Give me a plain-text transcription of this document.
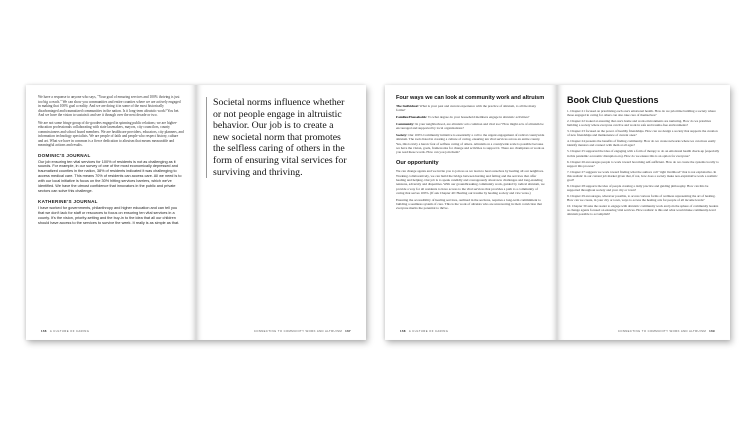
We have a response to anyone who says, "Your goal of ensuring services and 100% thriving is just too big a reach." We can show you communities and entire counties where we are actively engaged in making that 100% goal a reality. And we are doing it in some of the most historically disadvantaged and traumatized communities in the nation. Is it long-term altruistic work? You bet. And we have the vision to sustain it and see it through over the next decade or two.

We are not some fringe group of do-gooders engaged in spinning public relations; we are higher-education professionals collaborating with state lawmakers, mayors, city councilors, county commissioners and school board members. We are healthcare providers, educators, city planners, and information technology specialists. We are people of faith and people who respect history, culture and art. What we have in common is a fierce dedication to altruism that means measurable and meaningful actions and results.

DOMINIC'S JOURNAL

Our job ensuring ten vital services for 100% of residents is not as challenging as it sounds. For example, in our survey of one of the most economically depressed and traumatized counties in the nation, 38% of residents indicated it was challenging to access medical care. This means 70% of residents can access care. All we need is to with our local initiative is focus on the 30% hitting services barriers, which we've identified. We have the utmost confidence that innovators in the public and private sectors can solve this challenge.

KATHERINE'S JOURNAL

I have worked for governments, philanthropy and higher education and can tell you that we don't lack for staff or resources to focus on ensuring ten vital services in a county. It's the vision, priority-setting and the buy-in to the idea that all our children should have access to the services to survive the week. It really is as simple as that.

166 A CULTURE OF CARING
Societal norms influence whether or not people engage in altruistic behavior. Our job is to create a new societal norm that promotes the selfless caring of others in the form of ensuring vital services for surviving and thriving.
CONNECTING TO COMMUNITY WORK AND ALTRUISM 167
Four ways we can look at community work and altruism

The Individual: What is your past and current experience with the practice of altruism, to all the many forms?

Families/Households: To what degree do your household members engage in altruistic activities?

Community: In your neighborhood, are altruistic acts common and vital too? How might acts of altruism be encouraged and supported by local organizations?

Society: Our 100% Community initiative is essentially a call to the urgent engagement of radical countywide altruism. The tools listed in creating a culture of caring, ensuring ten vital services across an entire county. Yes, this is truly a heroic feat of selfless caring of others. Altruism on a countywide scale is possible because we have the vision, goals, frameworks for change and activities to support it. There are champions at work as you read these words. How can you join them?

Our opportunity

We can change agents and we invite you to join us as we learn to heal ourselves by healing all our neighbors. Working collaboratively, we can build the bridge between hurting and failing and the services that offer healing and helping. Our job is to speak candidly and courageously about new challenges and long-standing tensions, adversity and disparities. With our groundbreaking community work, guided by radical altruism, we provide a way for all residents to have access to the vital services that provides a path to a community of caring that serves 100%. (If ask Chapter 40: Healing our trauma by healing society and vice versa.)

Ensuring the accessibility of healing services, outlined in the sections, requires a long-term commitment to building a seamless system of care. This is the work of altruists who are unwavering in their conviction that everyone merits the potential to thrive.

168 A CULTURE OF CARING
Book Club Questions
1. Chapter 21 focused on prioritizing each one's emotional health. How do we prioritize building a society where those engaged in caring for others can also take care of themselves?
2. Chapter 22 looked at ensuring that one's home and work environments are nurturing. How do we prioritize building a society where everyone can live and work in safe and trauma-free environments?
3. Chapter 23 focused on the power of healthy friendships. How can we design a society that supports the creation of new friendships and maintenance of current ones?
4. Chapter 24 presents the benefits of finding community. How do we create networks where we can more easily identify mentors and connect with them at all ages?
5. Chapter 25 supported the idea of engaging with a form of therapy to do an emotional health check-up (especially in this pandemic economic disruption era). How do we ensure this is an option for everyone?
6. Chapter 26 encourages people to work toward becoming self-sufficient. How do we create the systems locally to support this process?
7. Chapter 27 suggests we work toward finding what the authors call "right livelihood" that is not exploitative. In this realistic in our current job market given that, if not, how does a society make non-exploitative work a realistic goal?
8. Chapter 28 supports the idea of people creating a daily practice and guiding philosophy. How can this be supported throughout society and your city or town?
9. Chapter 29 encourages, wherever possible, to access various forms of wellness representing the art of healing. How can we create, in your city or town, ways to access the healing arts for people of all income levels?
10. Chapter 30 asks the reader to engage with altruistic community work and join the sphere of community leaders as change agents focused on ensuring vital services. How realistic is this and what would make community-level altruism possible to accomplish?
CONNECTING TO COMMUNITY WORK AND ALTRUISM 169
